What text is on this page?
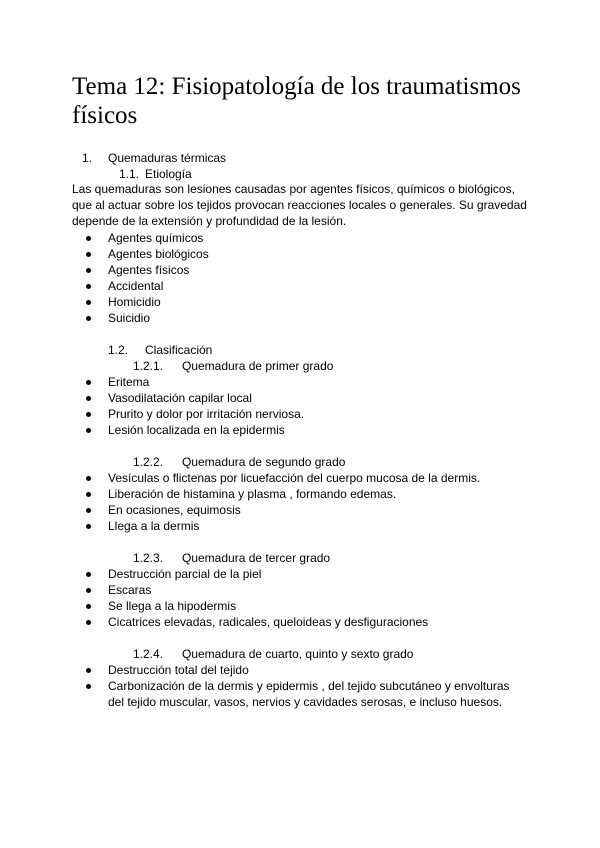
Tema 12: Fisiopatología de los traumatismos físicos
1. Quemaduras térmicas
1.1. Etiología

Las quemaduras son lesiones causadas por agentes físicos, químicos o biológicos, que al actuar sobre los tejidos provocan reacciones locales o generales. Su gravedad depende de la extensión y profundidad de la lesión.

Agentes químicos
Agentes biológicos
Agentes físicos
Accidental
Homicidio
Suicidio
1.2. Clasificación
1.2.1. Quemadura de primer grado
Eritema
Vasodilatación capilar local
Prurito y dolor por irritación nerviosa.
Lesión localizada en la epidermis
1.2.2. Quemadura de segundo grado
Vesículas o flictenas por licuefacción del cuerpo mucosa de la dermis.
Liberación de histamina y plasma , formando edemas.
En ocasiones, equimosis
Llega a la dermis
1.2.3. Quemadura de tercer grado
Destrucción parcial de la piel
Escaras
Se llega a la hipodermis
Cicatrices elevadas, radicales, queloideas y desfiguraciones
1.2.4. Quemadura de cuarto, quinto y sexto grado
Destrucción total del tejido
Carbonización de la dermis y epidermis , del tejido subcutáneo y envolturas del tejido muscular, vasos, nervios y cavidades serosas, e incluso huesos.
